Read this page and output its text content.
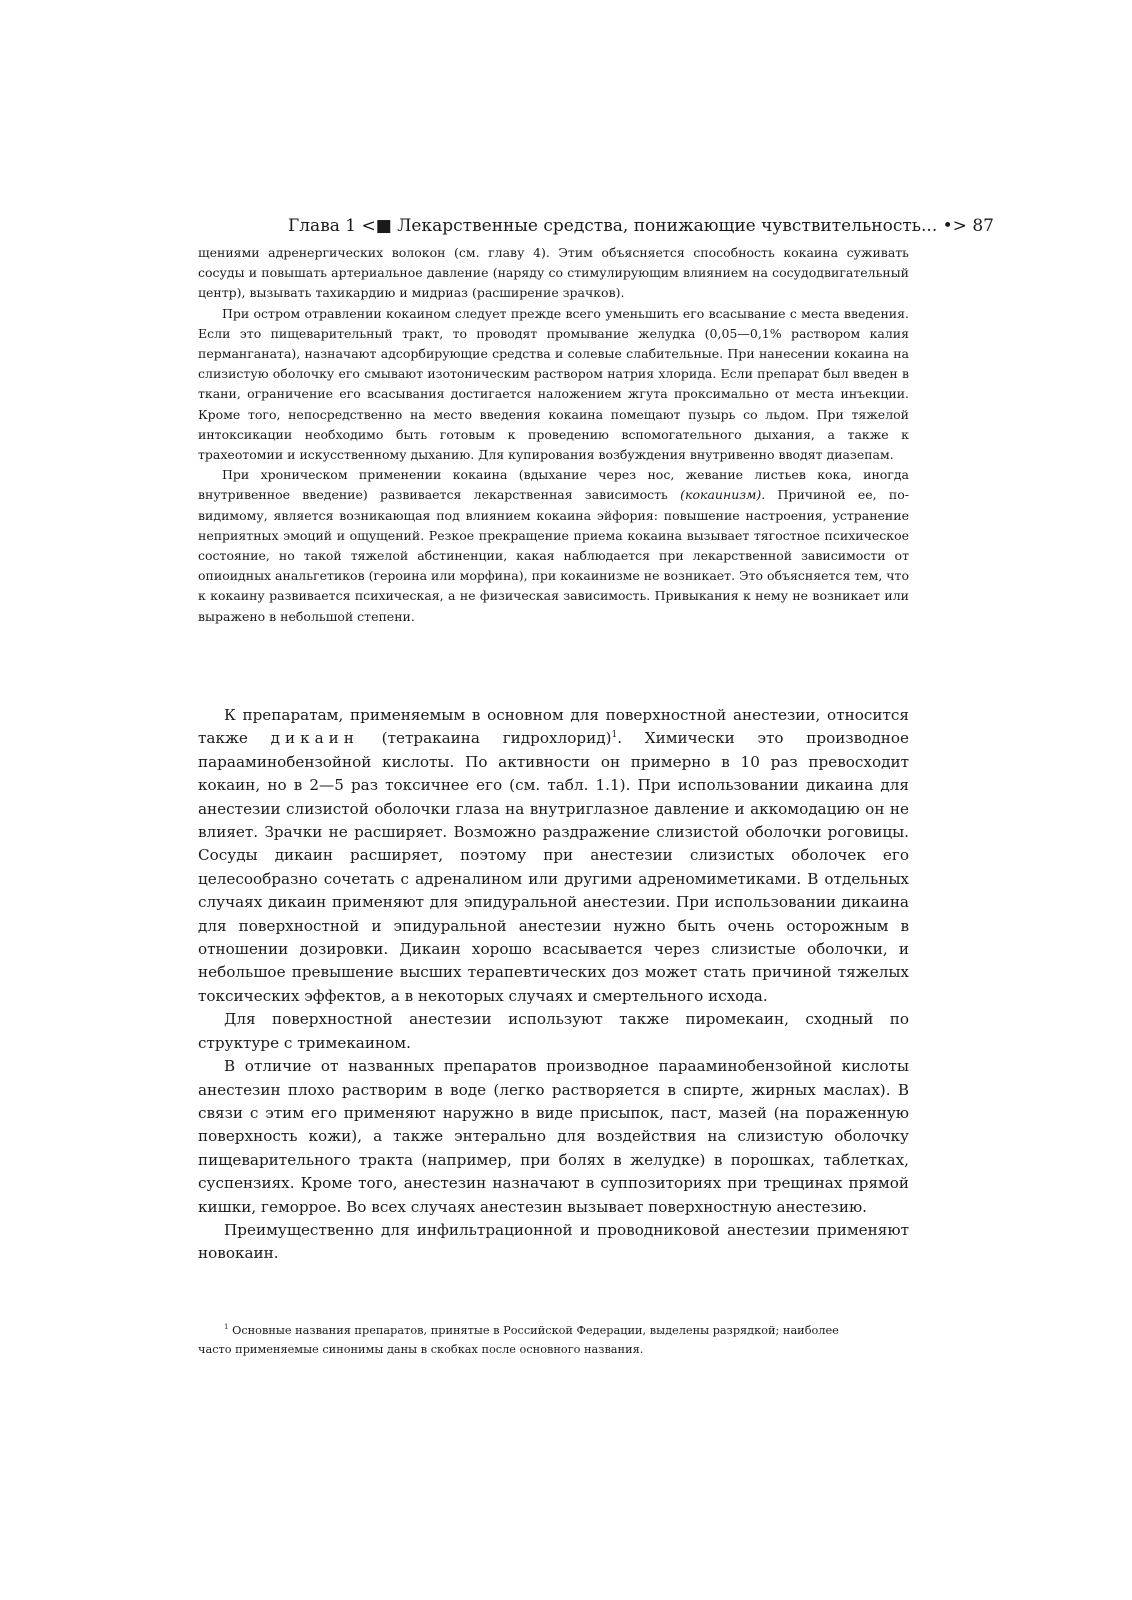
Глава 1 <■ Лекарственные средства, понижающие чувствительность... •> 87

щениями адренергических волокон (см. главу 4). Этим объясняется способность кокаина суживать сосуды и повышать артериальное давление (наряду со стимулирующим влиянием на сосудодвигательный центр), вызывать тахикардию и мидриаз (расширение зрачков).

При остром отравлении кокаином следует прежде всего уменьшить его всасывание с места введения. Если это пищеварительный тракт, то проводят промывание желудка (0,05—0,1% раствором калия перманганата), назначают адсорбирующие средства и солевые слабительные. При нанесении кокаина на слизистую оболочку его смывают изотоническим раствором натрия хлорида. Если препарат был введен в ткани, ограничение его всасывания достигается наложением жгута проксимально от места инъекции. Кроме того, непосредственно на место введения кокаина помещают пузырь со льдом. При тяжелой интоксикации необходимо быть готовым к проведению вспомогательного дыхания, а также к трахеотомии и искусственному дыханию. Для купирования возбуждения внутривенно вводят диазепам.

При хроническом применении кокаина (вдыхание через нос, жевание листьев кока, иногда внутривенное введение) развивается лекарственная зависимость (кокаинизм). Причиной ее, по-видимому, является возникающая под влиянием кокаина эйфория: повышение настроения, устранение неприятных эмоций и ощущений. Резкое прекращение приема кокаина вызывает тягостное психическое состояние, но такой тяжелой абстиненции, какая наблюдается при лекарственной зависимости от опиоидных анальгетиков (героина или морфина), при кокаинизме не возникает. Это объясняется тем, что к кокаину развивается психическая, а не физическая зависимость. Привыкания к нему не возникает или выражено в небольшой степени.

К препаратам, применяемым в основном для поверхностной анестезии, относится также дикаин (тетракаина гидрохлорид)$^1$. Химически это производное парааминобензойной кислоты. По активности он примерно в 10 раз превосходит кокаин, но в 2—5 раз токсичнее его (см. табл. 1.1). При использовании дикаина для анестезии слизистой оболочки глаза на внутриглазное давление и аккомодацию он не влияет. Зрачки не расширяет. Возможно раздражение слизистой оболочки роговицы. Сосуды дикаин расширяет, поэтому при анестезии слизистых оболочек его целесообразно сочетать с адреналином или другими адреномиметиками. В отдельных случаях дикаин применяют для эпидуральной анестезии. При использовании дикаина для поверхностной и эпидуральной анестезии нужно быть очень осторожным в отношении дозировки. Дикаин хорошо всасывается через слизистые оболочки, и небольшое превышение высших терапевтических доз может стать причиной тяжелых токсических эффектов, а в некоторых случаях и смертельного исхода.

Для поверхностной анестезии используют также пиромекаин, сходный по структуре с тримекаином.

В отличие от названных препаратов производное парааминобензойной кислоты анестезин плохо растворим в воде (легко растворяется в спирте, жирных маслах). В связи с этим его применяют наружно в виде присыпок, паст, мазей (на пораженную поверхность кожи), а также энтерально для воздействия на слизистую оболочку пищеварительного тракта (например, при болях в желудке) в порошках, таблетках, суспензиях. Кроме того, анестезин назначают в суппозиториях при трещинах прямой кишки, геморрое. Во всех случаях анестезин вызывает поверхностную анестезию.

Преимущественно для инфильтрационной и проводниковой анестезии применяют новокаин.

$^1$ Основные названия препаратов, принятые в Российской Федерации, выделены разрядкой; наиболее часто применяемые синонимы даны в скобках после основного названия.
